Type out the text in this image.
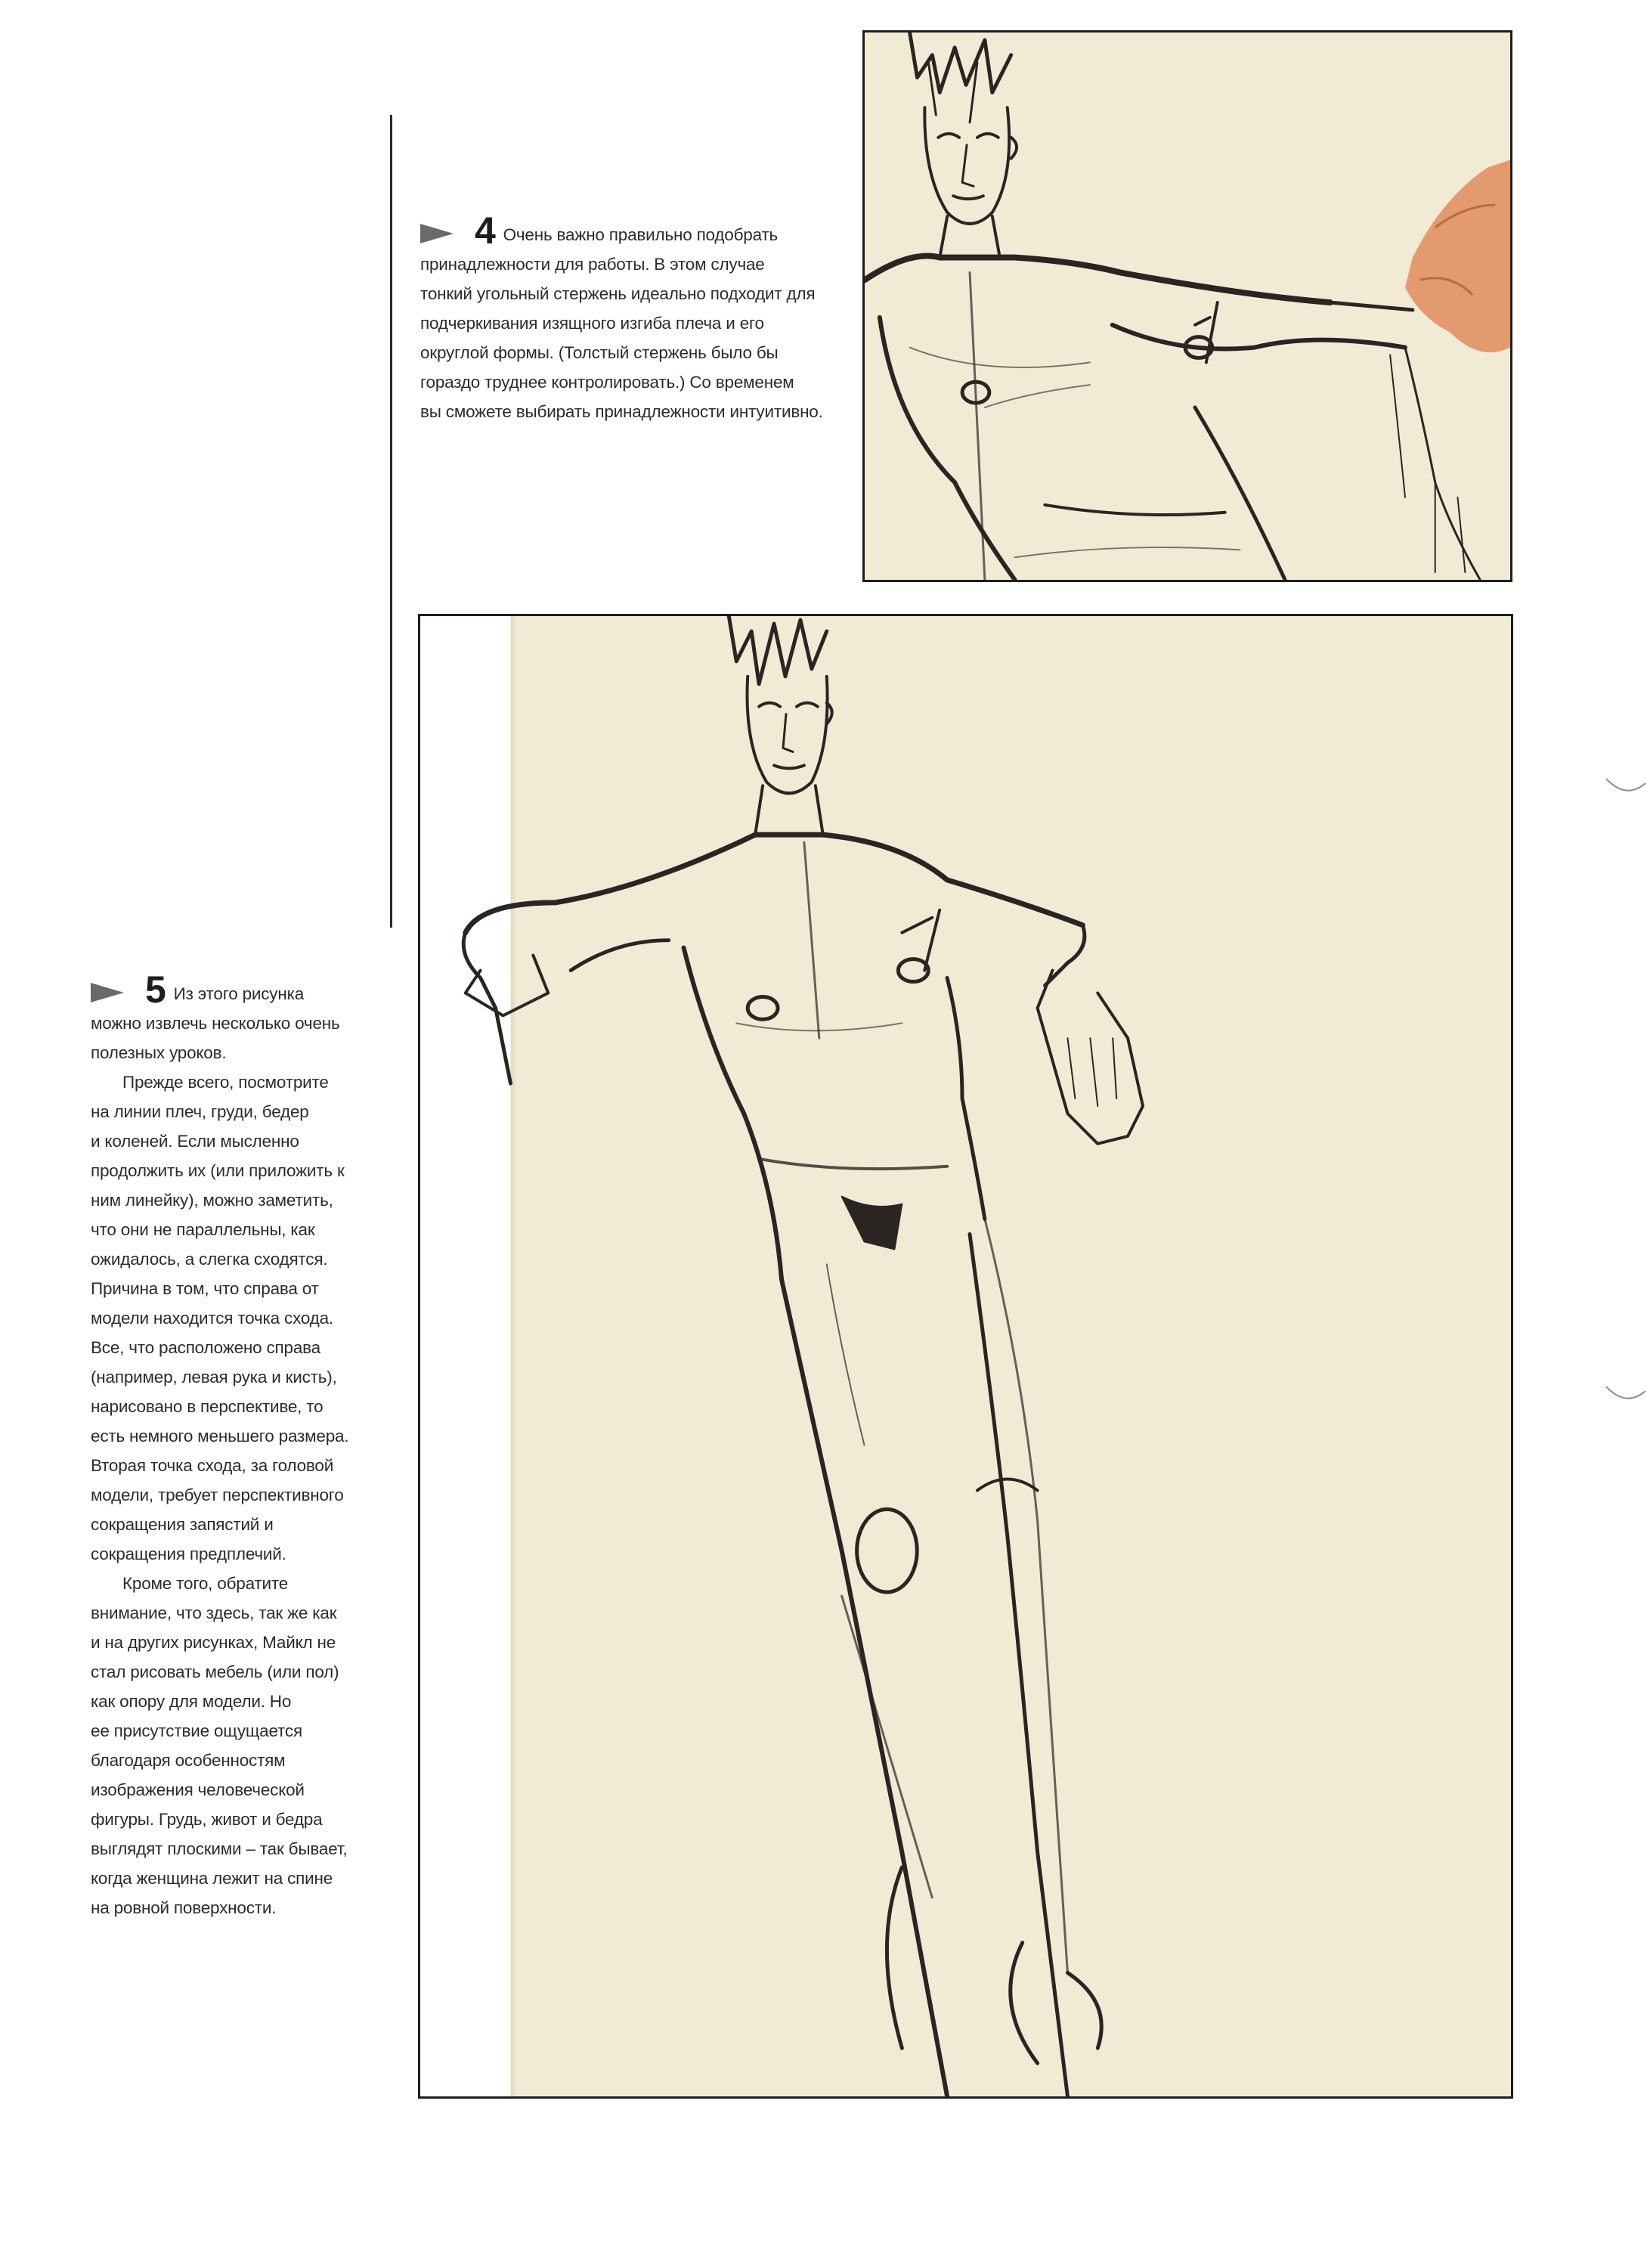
4 Очень важно правильно подобрать

принадлежности для работы. В этом случае

тонкий угольный стержень идеально подходит для

подчеркивания изящного изгиба плеча и его

округлой формы. (Толстый стержень было бы

гораздо труднее контролировать.) Со временем

вы сможете выбирать принадлежности интуитивно.

5 Из этого рисунка

можно извлечь несколько очень

полезных уроков.

Прежде всего, посмотрите

на линии плеч, груди, бедер

и коленей. Если мысленно

продолжить их (или приложить к

ним линейку), можно заметить,

что они не параллельны, как

ожидалось, а слегка сходятся.

Причина в том, что справа от

модели находится точка схода.

Все, что расположено справа

(например, левая рука и кисть),

нарисовано в перспективе, то

есть немного меньшего размера.

Вторая точка схода, за головой

модели, требует перспективного

сокращения запястий и

сокращения предплечий.

Кроме того, обратите

внимание, что здесь, так же как

и на других рисунках, Майкл не

стал рисовать мебель (или пол)

как опору для модели. Но

ее присутствие ощущается

благодаря особенностям

изображения человеческой

фигуры. Грудь, живот и бедра

выглядят плоскими – так бывает,

когда женщина лежит на спине

на ровной поверхности.
